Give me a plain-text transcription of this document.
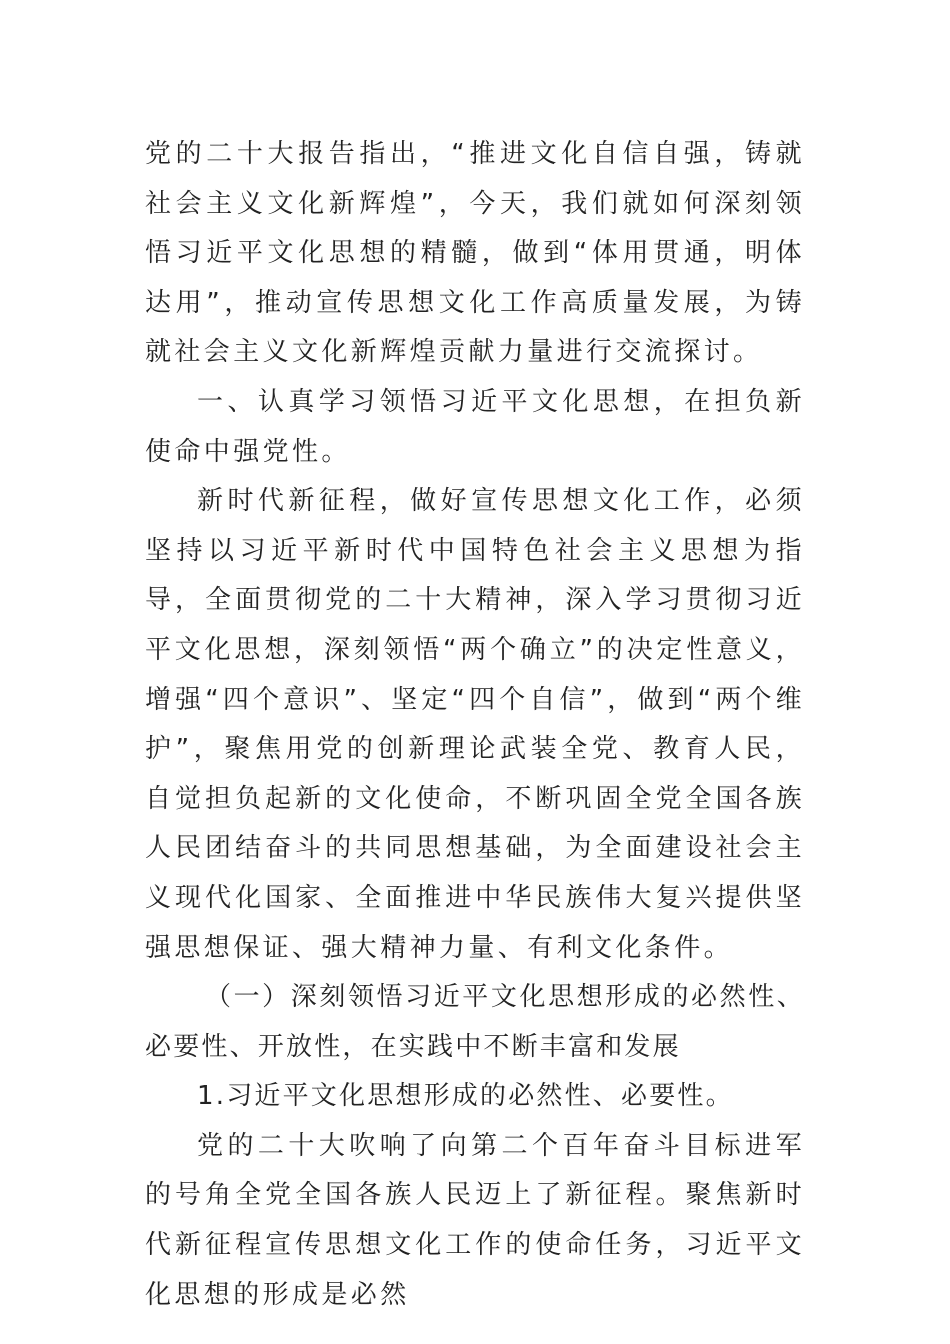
党的二十大报告指出，“推进文化自信自强，铸就社会主义文化新辉煌”，今天，我们就如何深刻领悟习近平文化思想的精髓，做到“体用贯通，明体达用”，推动宣传思想文化工作高质量发展，为铸就社会主义文化新辉煌贡献力量进行交流探讨。

一、认真学习领悟习近平文化思想，在担负新使命中强党性。

新时代新征程，做好宣传思想文化工作，必须坚持以习近平新时代中国特色社会主义思想为指导，全面贯彻党的二十大精神，深入学习贯彻习近平文化思想，深刻领悟“两个确立”的决定性意义，增强“四个意识”、坚定“四个自信”，做到“两个维护”，聚焦用党的创新理论武装全党、教育人民，自觉担负起新的文化使命，不断巩固全党全国各族人民团结奋斗的共同思想基础，为全面建设社会主义现代化国家、全面推进中华民族伟大复兴提供坚强思想保证、强大精神力量、有利文化条件。

（一）深刻领悟习近平文化思想形成的必然性、必要性、开放性，在实践中不断丰富和发展

1.习近平文化思想形成的必然性、必要性。

党的二十大吹响了向第二个百年奋斗目标进军的号角全党全国各族人民迈上了新征程。聚焦新时代新征程宣传思想文化工作的使命任务，习近平文化思想的形成是必然
